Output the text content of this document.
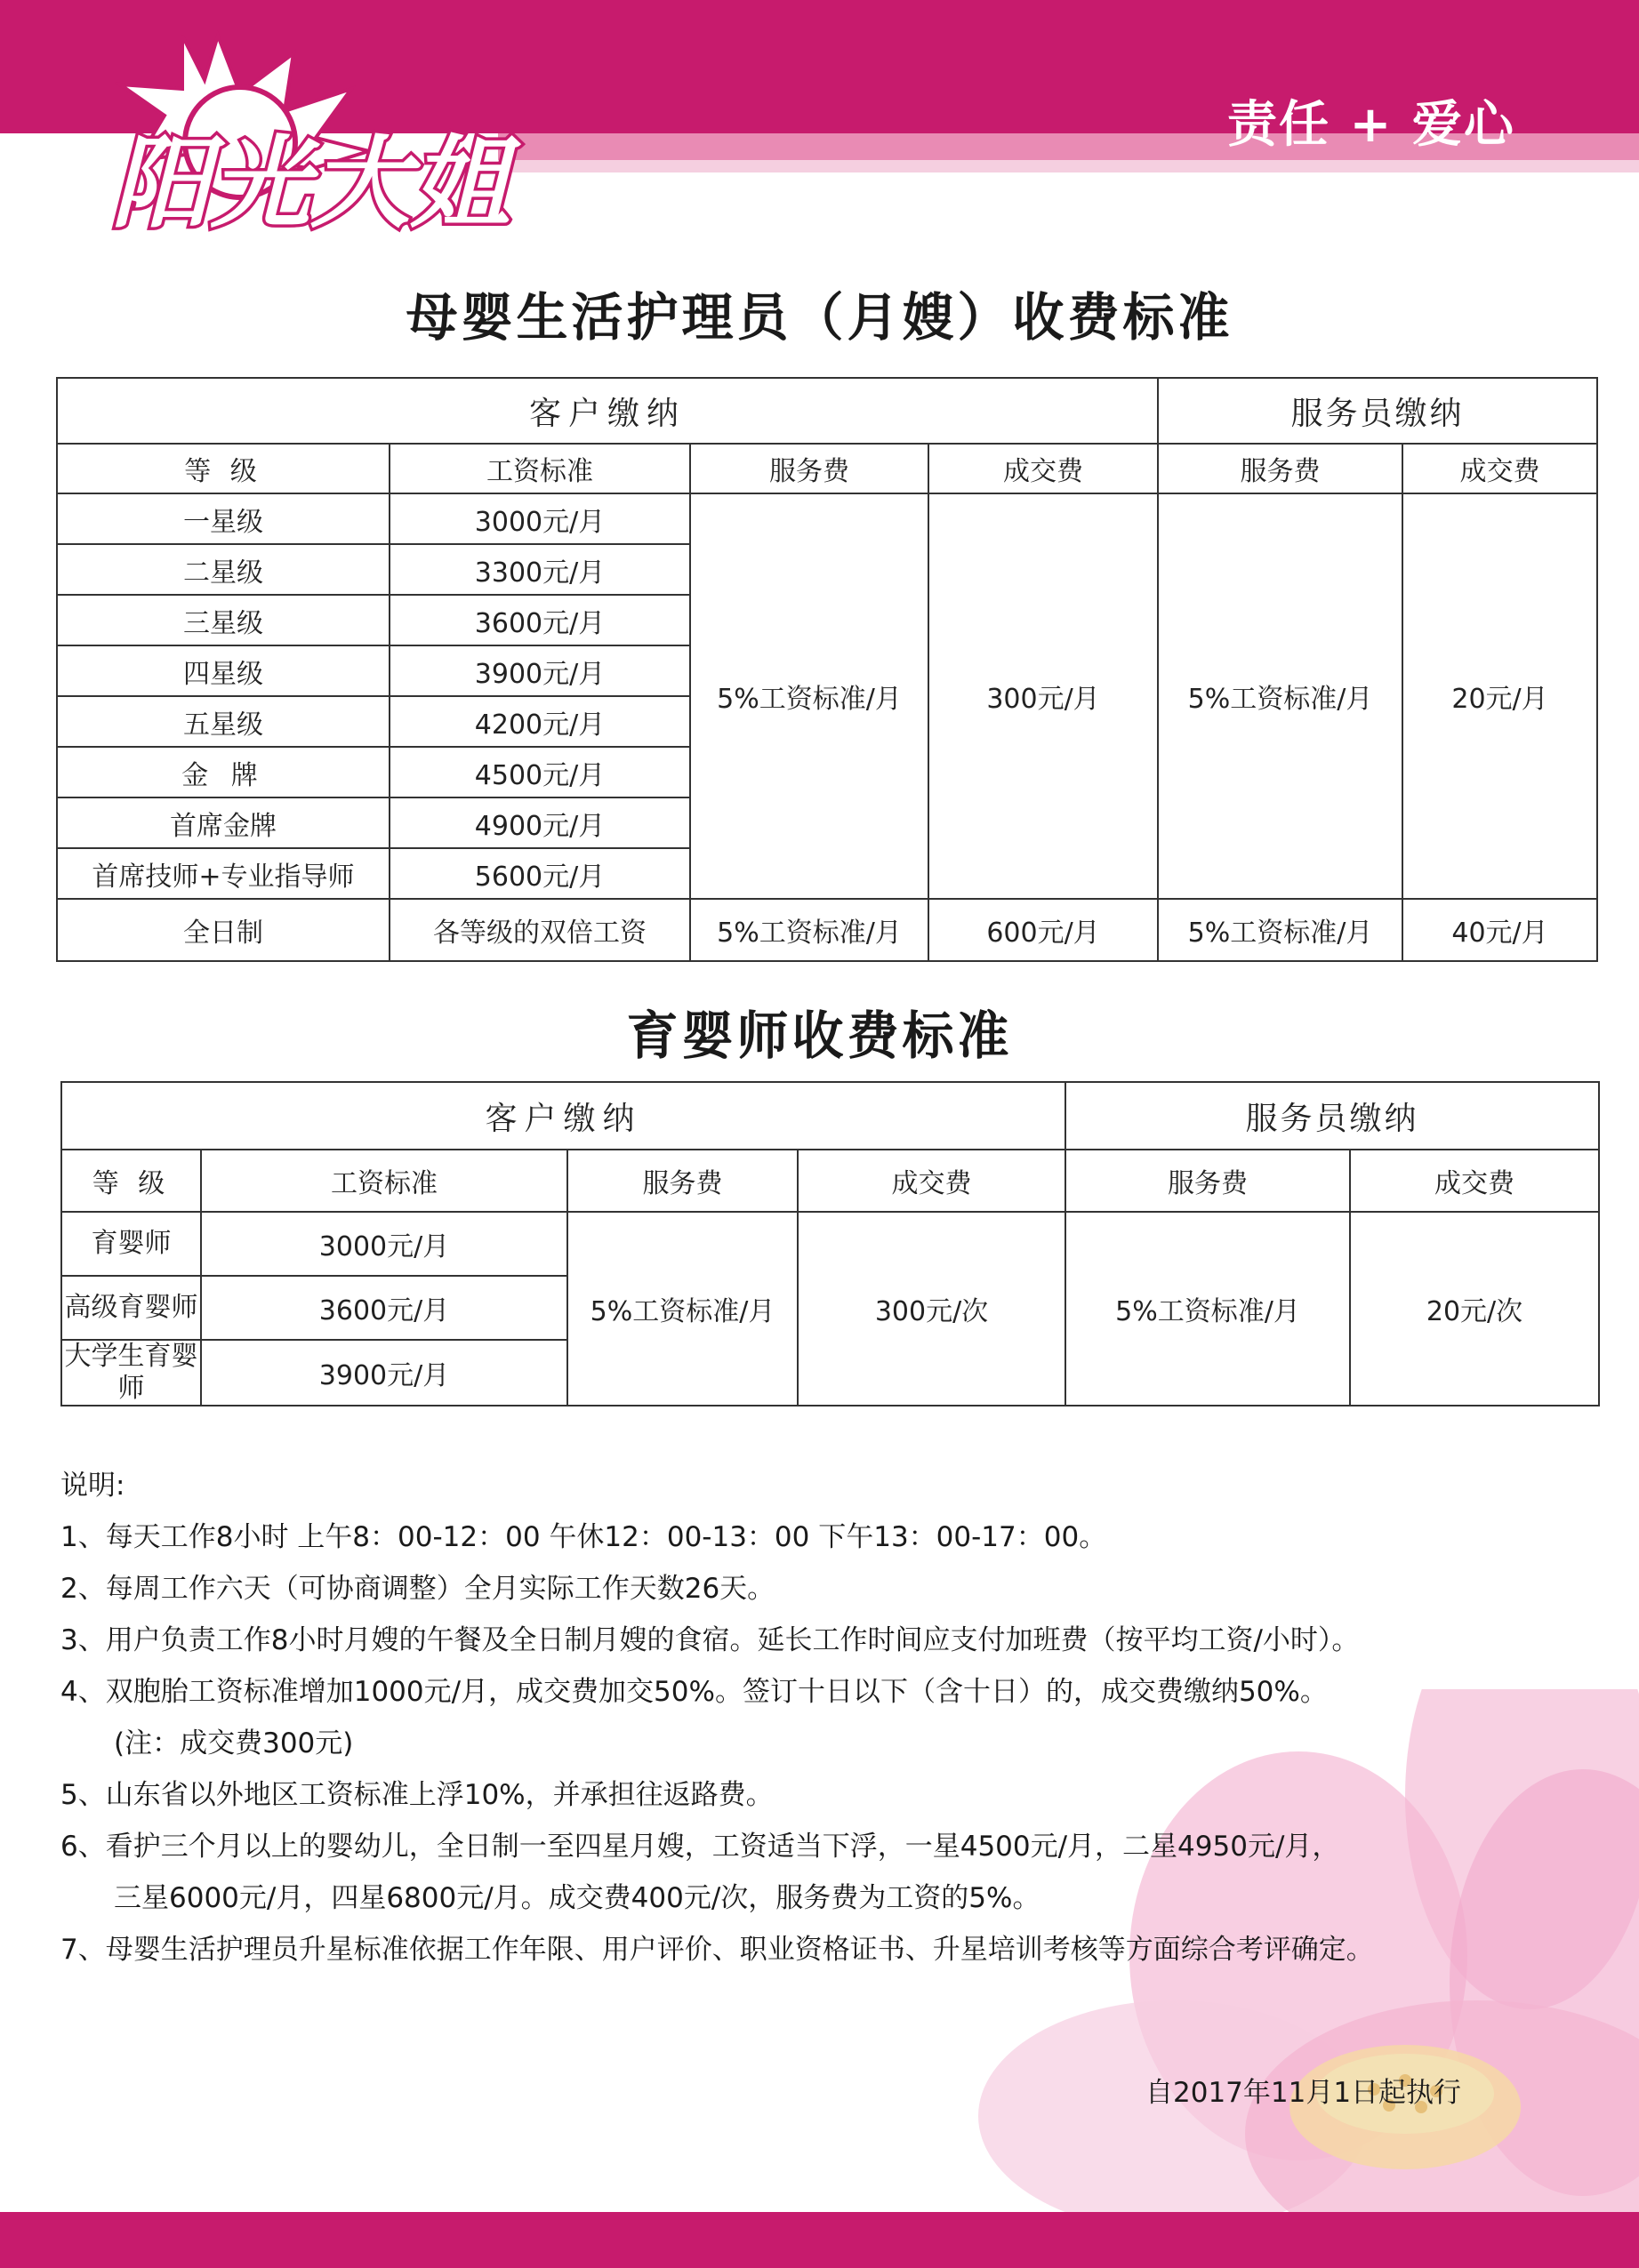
阳光大姐
责任 + 爱心
母婴生活护理员（月嫂）收费标准
客户缴纳				服务员缴纳	
等 级	工资标准	服务费	成交费	服务费	成交费
一星级	3000元/月	5%工资标准/月	300元/月	5%工资标准/月	20元/月
二星级	3300元/月				
三星级	3600元/月				
四星级	3900元/月				
五星级	4200元/月				
金 牌	4500元/月				
首席金牌	4900元/月				
首席技师+专业指导师	5600元/月				
全日制	各等级的双倍工资	5%工资标准/月	600元/月	5%工资标准/月	40元/月
育婴师收费标准
客户缴纳				服务员缴纳	
等 级	工资标准	服务费	成交费	服务费	成交费
育婴师	3000元/月	5%工资标准/月	300元/次	5%工资标准/月	20元/次
高级育婴师	3600元/月				
大学生育婴师	3900元/月				
说明:
1、每天工作8小时 上午8：00-12：00 午休12：00-13：00 下午13：00-17：00。
2、每周工作六天（可协商调整）全月实际工作天数26天。
3、用户负责工作8小时月嫂的午餐及全日制月嫂的食宿。延长工作时间应支付加班费（按平均工资/小时）。
4、双胞胎工资标准增加1000元/月，成交费加交50%。签订十日以下（含十日）的，成交费缴纳50%。
(注：成交费300元)
5、山东省以外地区工资标准上浮10%，并承担往返路费。
6、看护三个月以上的婴幼儿，全日制一至四星月嫂，工资适当下浮，一星4500元/月，二星4950元/月，
三星6000元/月，四星6800元/月。成交费400元/次，服务费为工资的5%。
7、母婴生活护理员升星标准依据工作年限、用户评价、职业资格证书、升星培训考核等方面综合考评确定。
自2017年11月1日起执行
